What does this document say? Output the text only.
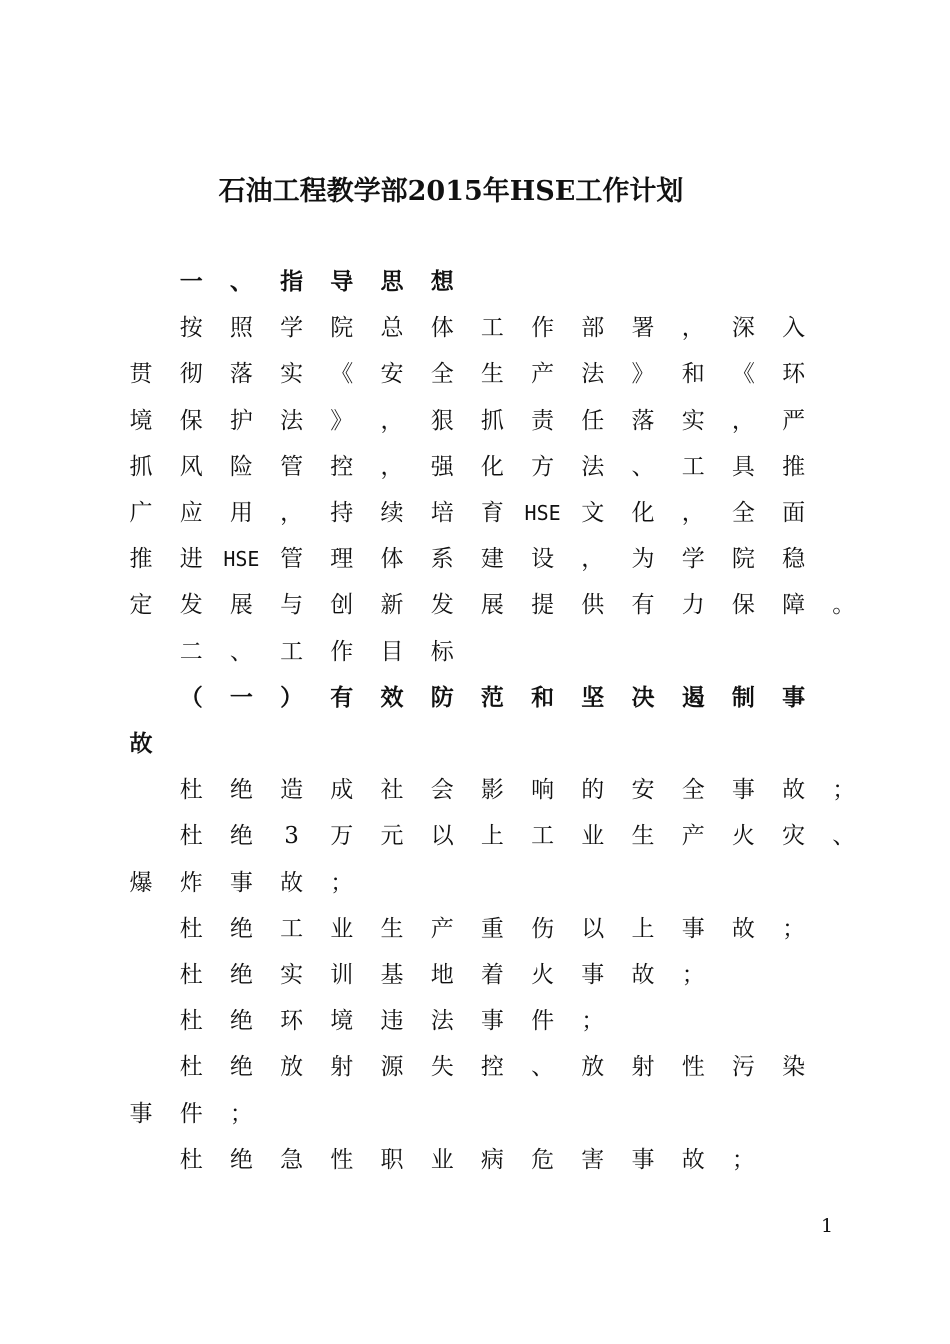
石油工程教学部2015年HSE工作计划
一	、	指	导	思	想
按	照	学	院	总	体	工	作	部	署	，	深	入
贯	彻	落	实	《	安	全	生	产	法	》	和	《	环
境	保	护	法	》	，	狠	抓	责	任	落	实	，	严
抓	风	险	管	控	，	强	化	方	法	、	工	具	推
广	应	用	，	持	续	培	育	HSE 文	化	，	全	面
推	进	HSE 管	理	体	系	建	设	，	为	学	院	稳
定	发	展	与	创	新	发	展	提	供	有	力	保	障	。
二	、	工	作	目	标
（	一	）	有	效	防	范	和	坚	决	遏	制	事
故
杜	绝	造	成	社	会	影	响	的	安	全	事	故	；
杜	绝	3	万	元	以	上	工	业	生	产	火	灾	、
爆	炸	事	故	；
杜	绝	工	业	生	产	重	伤	以	上	事	故	；
杜	绝	实	训	基	地	着	火	事	故	；
杜	绝	环	境	违	法	事	件	；
杜	绝	放	射	源	失	控	、	放	射	性	污	染
事	件	；
杜	绝	急	性	职	业	病	危	害	事	故	；
1
